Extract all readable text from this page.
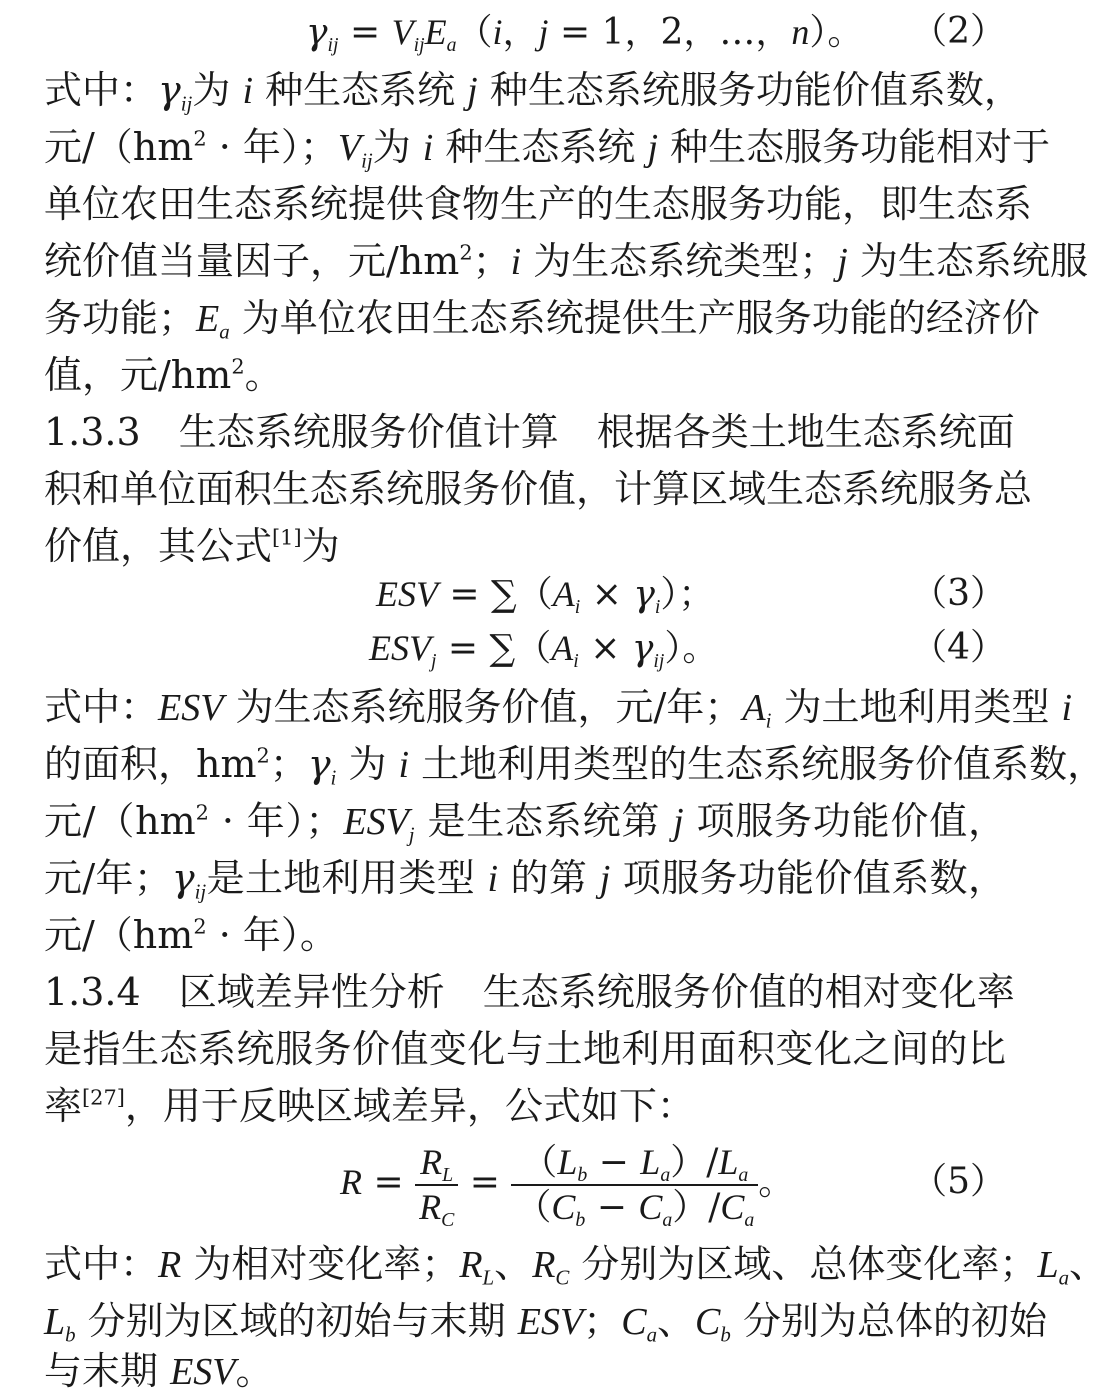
$\gamma_{ij} = V_{ij}E_a(i$，j = 1，2，…，n）。 （2）
式中：$\gamma_{ij}$为 i 种生态系统 j 种生态系统服务功能价值系数，
元$/(hm^2$ · 年）；$V_{ij}$为 i 种生态系统 j 种生态服务功能相对于
单位农田生态系统提供食物生产的生态服务功能，即生态系
统价值当量因子，元$/hm^2$；i 为生态系统类型；j 为生态系统服
务功能；$E_a$ 为单位农田生态系统提供生产服务功能的经济价
值，元$/hm^2$。
1.3.3　生态系统服务价值计算　 根据各类土地生态系统面
积和单位面积生态系统服务价值，计算区域生态系统服务总
价值，其公式[1]为
ESV = $\sum(A_i \times \gamma_i)$；	（3）
$ESV_j = \sum(A_i \times \gamma_{ij})$。	（4）
式中：ESV 为生态系统服务价值，元/年；$A_i$ 为土地利用类型 i
的面积，$hm^2$；$\gamma_i$ 为 i 土地利用类型的生态系统服务价值系数，
元$/(hm^2$ · 年）；$ESV_j$ 是生态系统第 j 项服务功能价值，
元/年；$\gamma_{ij}$是土地利用类型 i 的第 j 项服务功能价值系数，
元$/(hm^2$ · 年）。
1.3.4　区域差异性分析　 生态系统服务价值的相对变化率
是指生态系统服务价值变化与土地利用面积变化之间的比
率[27]，用于反映区域差异，公式如下：
$R = \frac{R_L}{R_C} = \frac{(L_b - L_a)/L_a}{(C_b - C_a)/C_a}$ 。	（5）
式中：R 为相对变化率；$R_L$、$R_C$ 分别为区域、总体变化率；$L_a$、
$L_b$ 分别为区域的初始与末期 ESV；$C_a$、$C_b$ 分别为总体的初始
与末期 ESV。
